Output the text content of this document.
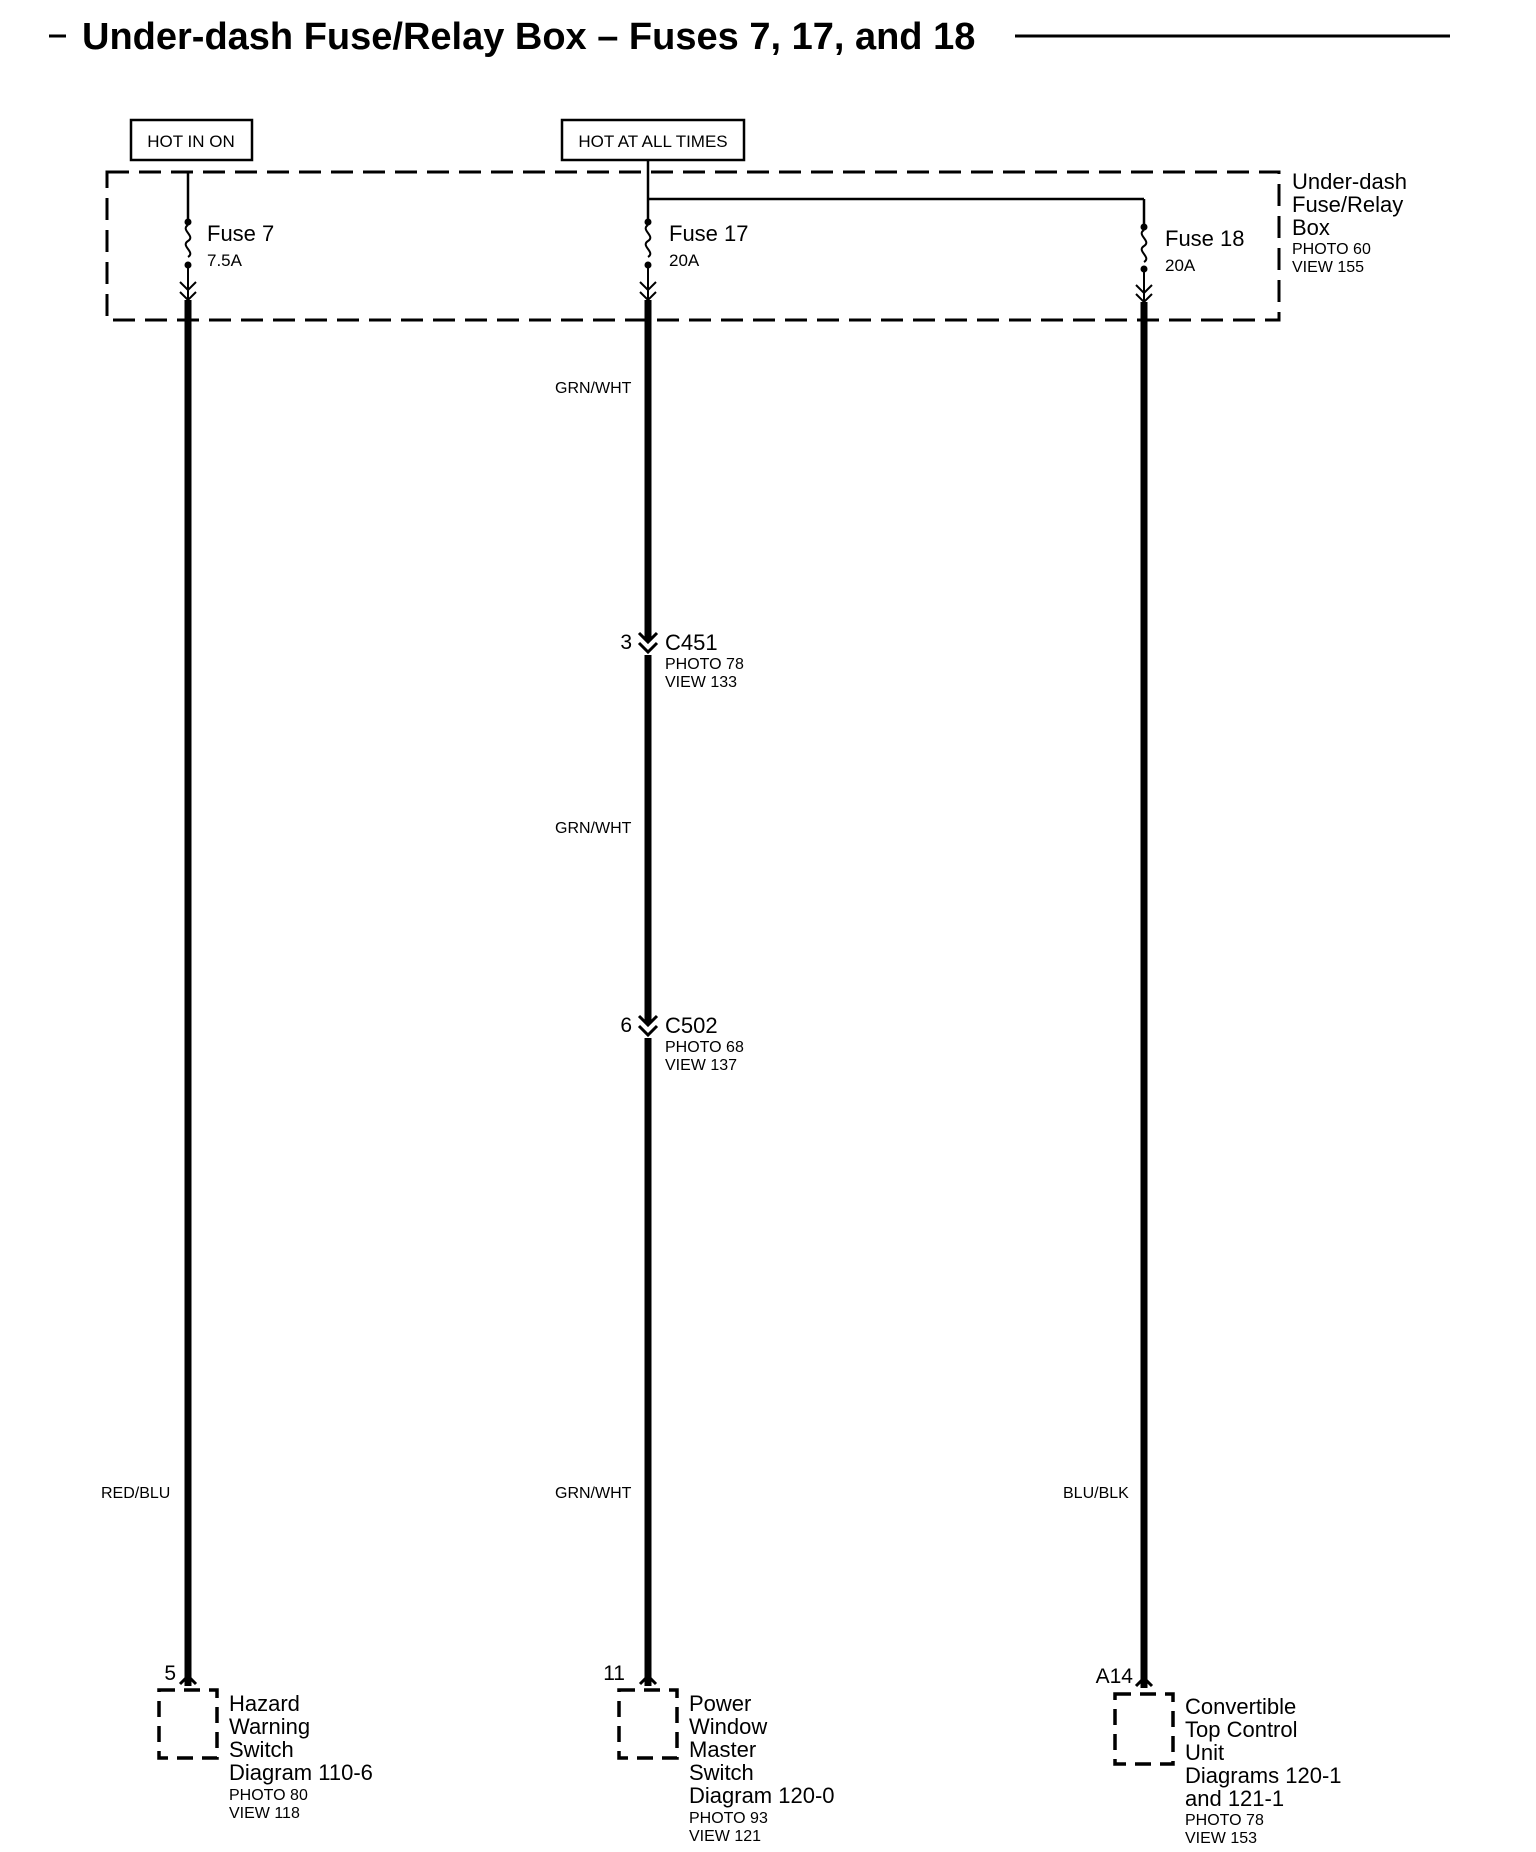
Under-dash Fuse/Relay Box – Fuses 7, 17, and 18
HOT IN ON	HOT AT ALL TIMES
Under-dash
Fuse/Relay
Box
PHOTO 60
VIEW 155
Fuse 7
7.5A
Fuse 17
20A
Fuse 18
20A
GRN/WHT
GRN/WHT
GRN/WHT
RED/BLU	BLU/BLK
3 C451
PHOTO 78
VIEW 133
6 C502
PHOTO 68
VIEW 137
5
Hazard
Warning
Switch
Diagram 110-6
PHOTO 80
VIEW 118
11
Power
Window
Master
Switch
Diagram 120-0
PHOTO 93
VIEW 121
A14
Convertible
Top Control
Unit
Diagrams 120-1
and 121-1
PHOTO 78
VIEW 153
